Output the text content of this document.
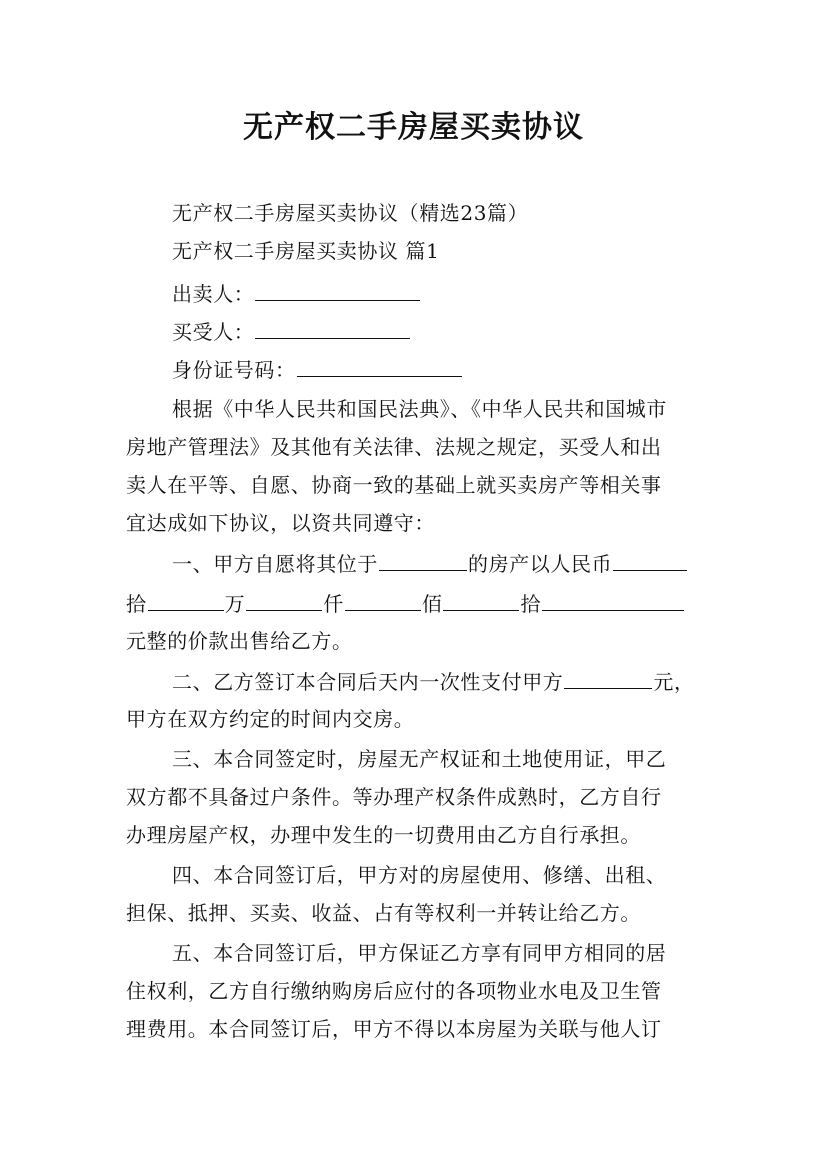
无产权二手房屋买卖协议
无产权二手房屋买卖协议（精选23篇）
无产权二手房屋买卖协议 篇1
出卖人：
买受人：
身份证号码：
根据《中华人民共和国民法典》、《中华人民共和国城市
房地产管理法》及其他有关法律、法规之规定，买受人和出
卖人在平等、自愿、协商一致的基础上就买卖房产等相关事
宜达成如下协议，以资共同遵守：
一、甲方自愿将其位于	的房产以人民币
拾	万	仟	佰	拾
元整的价款出售给乙方。
二、乙方签订本合同后天内一次性支付甲方	元，
甲方在双方约定的时间内交房。
三、本合同签定时，房屋无产权证和土地使用证，甲乙
双方都不具备过户条件。等办理产权条件成熟时，乙方自行
办理房屋产权，办理中发生的一切费用由乙方自行承担。
四、本合同签订后，甲方对的房屋使用、修缮、出租、
担保、抵押、买卖、收益、占有等权利一并转让给乙方。
五、本合同签订后，甲方保证乙方享有同甲方相同的居
住权利，乙方自行缴纳购房后应付的各项物业水电及卫生管
理费用。本合同签订后，甲方不得以本房屋为关联与他人订
